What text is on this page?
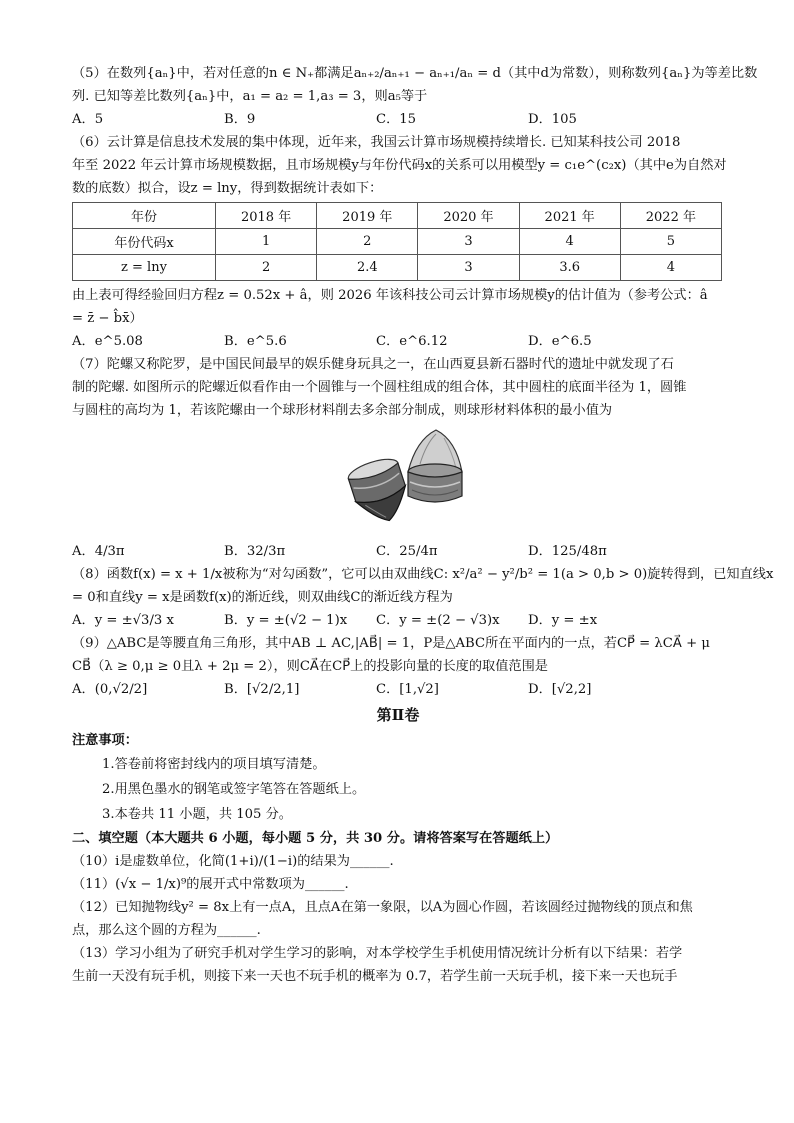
（5）在数列{aₙ}中，若对任意的n ∈ N₊都满足aₙ₊₂/aₙ₊₁ − aₙ₊₁/aₙ = d（其中d为常数），则称数列{aₙ}为等差比数
列. 已知等差比数列{aₙ}中，a₁ = a₂ = 1,a₃ = 3，则a₅等于
A．5	B．9	C．15	D．105
（6）云计算是信息技术发展的集中体现，近年来，我国云计算市场规模持续增长. 已知某科技公司 2018
年至 2022 年云计算市场规模数据，且市场规模y与年份代码x的关系可以用模型y = c₁e^(c₂x)（其中e为自然对
数的底数）拟合，设z = lny，得到数据统计表如下：
年份	2018 年	2019 年	2020 年	2021 年	2022 年
年份代码x	1	2	3	4	5
z = lny	2	2.4	3	3.6	4
由上表可得经验回归方程z = 0.52x + â，则 2026 年该科技公司云计算市场规模y的估计值为（参考公式：â
= z̄ − b̂x̄）
A．e^5.08	B．e^5.6	C．e^6.12	D．e^6.5
（7）陀螺又称陀罗，是中国民间最早的娱乐健身玩具之一，在山西夏县新石器时代的遗址中就发现了石
制的陀螺. 如图所示的陀螺近似看作由一个圆锥与一个圆柱组成的组合体，其中圆柱的底面半径为 1，圆锥
与圆柱的高均为 1，若该陀螺由一个球形材料削去多余部分制成，则球形材料体积的最小值为
A．4/3π	B．32/3π	C．25/4π	D．125/48π
（8）函数f(x) = x + 1/x被称为“对勾函数”，它可以由双曲线C: x²/a² − y²/b² = 1(a > 0,b > 0)旋转得到，已知直线x
= 0和直线y = x是函数f(x)的渐近线，则双曲线C的渐近线方程为
A．y = ±√3/3 x	B．y = ±(√2 − 1)x	C．y = ±(2 − √3)x	D．y = ±x
（9）△ABC是等腰直角三角形，其中AB ⊥ AC,|AB⃗| = 1，P是△ABC所在平面内的一点，若CP⃗ = λCA⃗ + μ
CB⃗（λ ≥ 0,μ ≥ 0且λ + 2μ = 2），则CA⃗在CP⃗上的投影向量的长度的取值范围是
A．(0,√2/2]	B．[√2/2,1]	C．[1,√2]	D．[√2,2]
第Ⅱ卷
注意事项：
1.答卷前将密封线内的项目填写清楚。
2.用黑色墨水的钢笔或签字笔答在答题纸上。
3.本卷共 11 小题，共 105 分。
二、填空题（本大题共 6 小题，每小题 5 分，共 30 分。请将答案写在答题纸上）
（10）i是虚数单位，化简(1+i)/(1−i)的结果为______.
（11）(√x − 1/x)⁹的展开式中常数项为______.
（12）已知抛物线y² = 8x上有一点A，且点A在第一象限，以A为圆心作圆，若该圆经过抛物线的顶点和焦
点，那么这个圆的方程为______.
（13）学习小组为了研究手机对学生学习的影响，对本学校学生手机使用情况统计分析有以下结果：若学
生前一天没有玩手机，则接下来一天也不玩手机的概率为 0.7，若学生前一天玩手机，接下来一天也玩手
